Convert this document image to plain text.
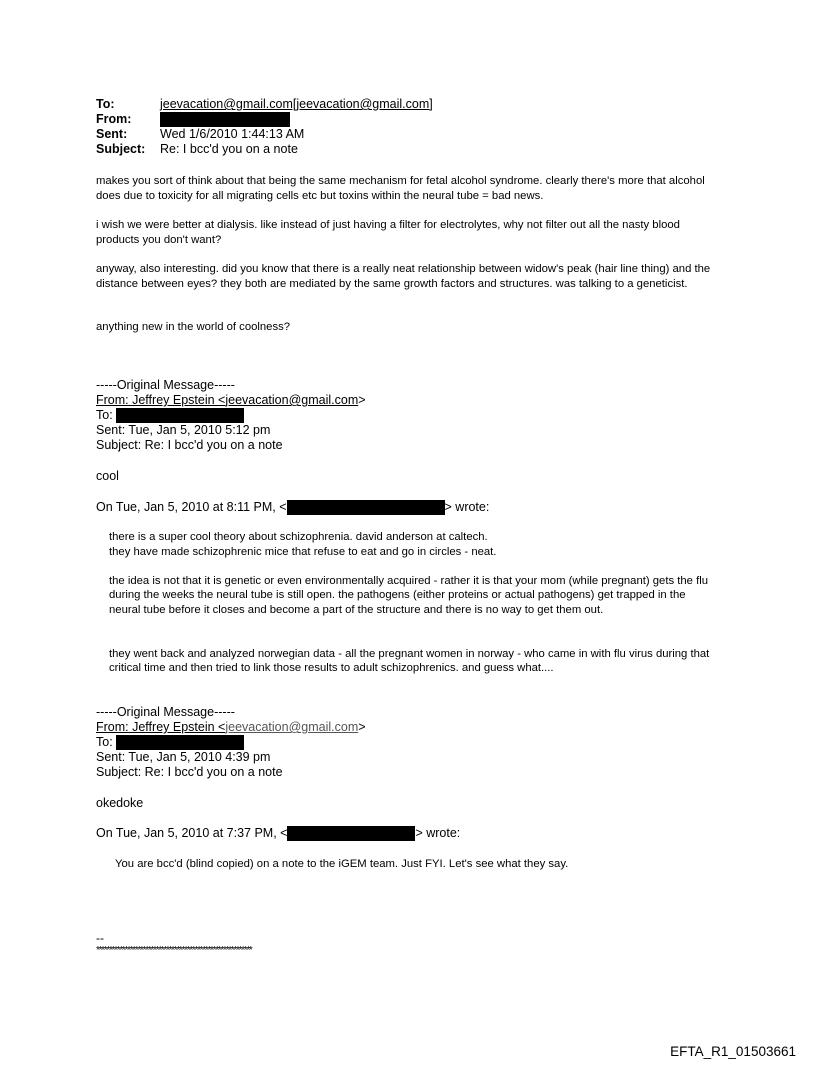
To:	jeevacation@gmail.com[jeevacation@gmail.com]
From:
Sent:	Wed 1/6/2010 1:44:13 AM
Subject:	Re: I bcc'd you on a note

makes you sort of think about that being the same mechanism for fetal alcohol syndrome. clearly there's more that alcohol does due to toxicity for all migrating cells etc but toxins within the neural tube = bad news.

i wish we were better at dialysis. like instead of just having a filter for electrolytes, why not filter out all the nasty blood products you don't want?

anyway, also interesting. did you know that there is a really neat relationship between widow's peak (hair line thing) and the distance between eyes? they both are mediated by the same growth factors and structures. was talking to a geneticist.

anything new in the world of coolness?

-----Original Message-----
From: Jeffrey Epstein <jeevacation@gmail.com>
To:
Sent: Tue, Jan 5, 2010 5:12 pm
Subject: Re: I bcc'd you on a note
cool
On Tue, Jan 5, 2010 at 8:11 PM, <	> wrote:
there is a super cool theory about schizophrenia. david anderson at caltech.
they have made schizophrenic mice that refuse to eat and go in circles - neat.

the idea is not that it is genetic or even environmentally acquired - rather it is that your mom (while pregnant) gets the flu during the weeks the neural tube is still open. the pathogens (either proteins or actual pathogens) get trapped in the neural tube before it closes and become a part of the structure and there is no way to get them out.

they went back and analyzed norwegian data - all the pregnant women in norway - who came in with flu virus during that critical time and then tried to link those results to adult schizophrenics. and guess what....

-----Original Message-----
From: Jeffrey Epstein <jeevacation@gmail.com>
To:
Sent: Tue, Jan 5, 2010 4:39 pm
Subject: Re: I bcc'd you on a note
okedoke
On Tue, Jan 5, 2010 at 7:37 PM, <	> wrote:
You are bcc'd (blind copied) on a note to the iGEM team. Just FYI. Let's see what they say.
--
************************************************************
EFTA_R1_01503661
